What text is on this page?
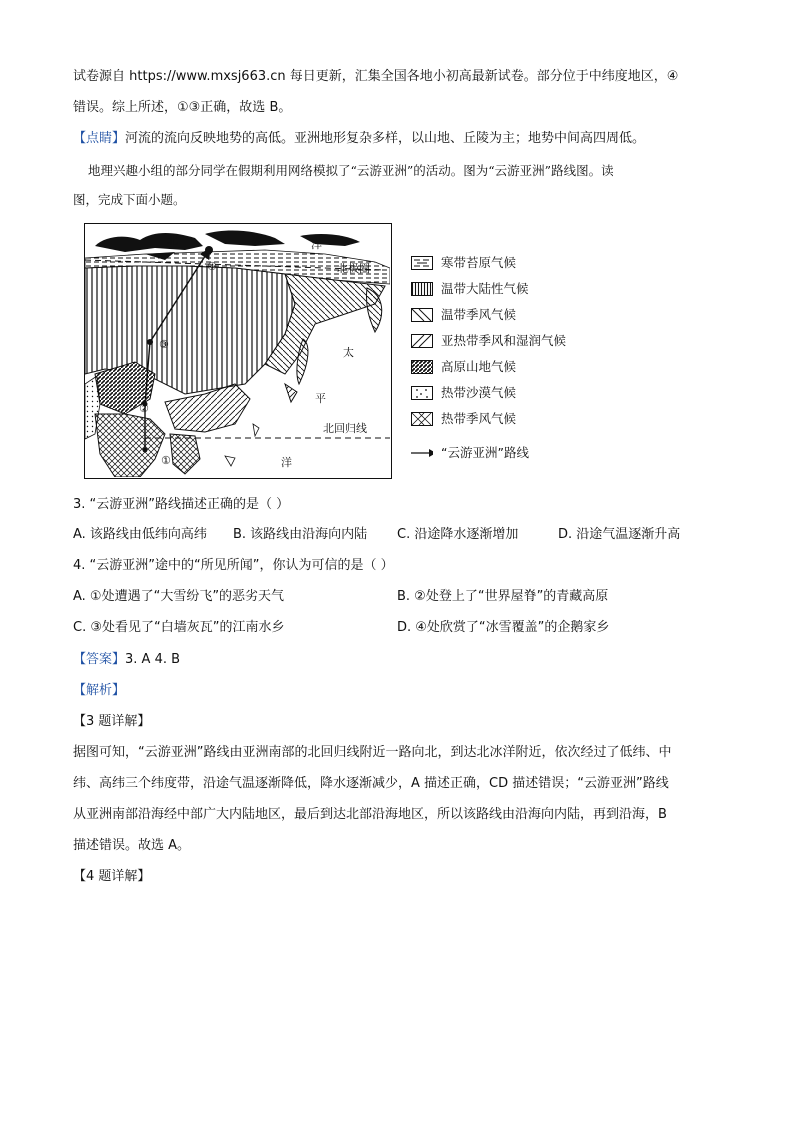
试卷源自 https://www.mxsj663.cn 每日更新，汇集全国各地小初高最新试卷。部分位于中纬度地区，④
错误。综上所述，①③正确，故选 B。
【点睛】河流的流向反映地势的高低。亚洲地形复杂多样，以山地、丘陵为主；地势中间高四周低。
地理兴趣小组的部分同学在假期利用网络模拟了“云游亚洲”的活动。图为“云游亚洲”路线图。读
图，完成下面小题。
北	冰	洋
北极圈
太
平
北回归线
洋
①
②
③
④	寒带苔原气候
温带大陆性气候
温带季风气候
亚热带季风和湿润气候
高原山地气候
热带沙漠气候
热带季风气候
“云游亚洲”路线
3. “云游亚洲”路线描述正确的是（ ）
A. 该路线由低纬向高纬 B. 该路线由沿海向内陆 C. 沿途降水逐渐增加	D. 沿途气温逐渐升高
4. “云游亚洲”途中的“所见所闻”，你认为可信的是（ ）
A. ①处遭遇了“大雪纷飞”的恶劣天气	B. ②处登上了“世界屋脊”的青藏高原
C. ③处看见了“白墙灰瓦”的江南水乡	D. ④处欣赏了“冰雪覆盖”的企鹅家乡
【答案】3. A 4. B
【解析】
【3 题详解】
据图可知，“云游亚洲”路线由亚洲南部的北回归线附近一路向北，到达北冰洋附近，依次经过了低纬、中
纬、高纬三个纬度带，沿途气温逐渐降低，降水逐渐减少，A 描述正确，CD 描述错误；“云游亚洲”路线
从亚洲南部沿海经中部广大内陆地区，最后到达北部沿海地区，所以该路线由沿海向内陆，再到沿海，B
描述错误。故选 A。
【4 题详解】
